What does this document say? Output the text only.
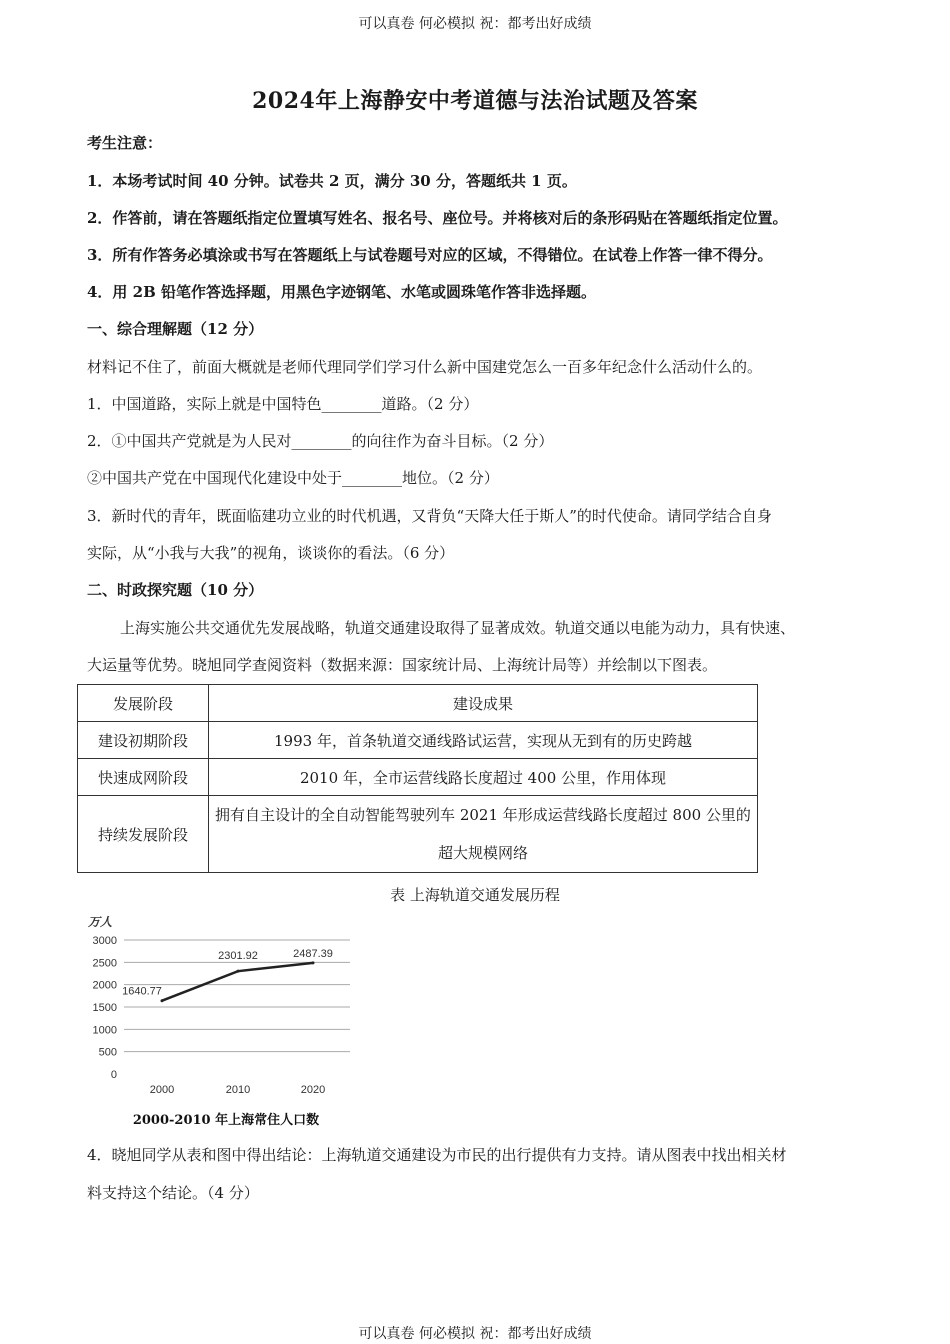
可以真卷 何必模拟 祝：都考出好成绩
2024年上海静安中考道德与法治试题及答案
考生注意：
1．本场考试时间 40 分钟。试卷共 2 页，满分 30 分，答题纸共 1 页。
2．作答前，请在答题纸指定位置填写姓名、报名号、座位号。并将核对后的条形码贴在答题纸指定位置。
3．所有作答务必填涂或书写在答题纸上与试卷题号对应的区域，不得错位。在试卷上作答一律不得分。
4．用 2B 铅笔作答选择题，用黑色字迹钢笔、水笔或圆珠笔作答非选择题。
一、综合理解题（12 分）
材料记不住了，前面大概就是老师代理同学们学习什么新中国建党怎么一百多年纪念什么活动什么的。
1．中国道路，实际上就是中国特色________道路。（2 分）
2．①中国共产党就是为人民对________的向往作为奋斗目标。（2 分）
②中国共产党在中国现代化建设中处于________地位。（2 分）
3．新时代的青年，既面临建功立业的时代机遇，又背负“天降大任于斯人”的时代使命。请同学结合自身
实际，从“小我与大我”的视角，谈谈你的看法。（6 分）
二、时政探究题（10 分）
上海实施公共交通优先发展战略，轨道交通建设取得了显著成效。轨道交通以电能为动力，具有快速、
大运量等优势。晓旭同学查阅资料（数据来源：国家统计局、上海统计局等）并绘制以下图表。
发展阶段	建设成果
建设初期阶段	1993 年，首条轨道交通线路试运营，实现从无到有的历史跨越
快速成网阶段	2010 年，全市运营线路长度超过 400 公里，作用体现
持续发展阶段	拥有自主设计的全自动智能驾驶列车 2021 年形成运营线路长度超过 800 公里的超大规模网络
表 上海轨道交通发展历程
万人
0
500
1000
1500
2000
2500
3000
2000	2010	2020
1640.77
2301.92	2487.39
2000-2010 年上海常住人口数
4．晓旭同学从表和图中得出结论：上海轨道交通建设为市民的出行提供有力支持。请从图表中找出相关材
料支持这个结论。（4 分）
可以真卷 何必模拟 祝：都考出好成绩
